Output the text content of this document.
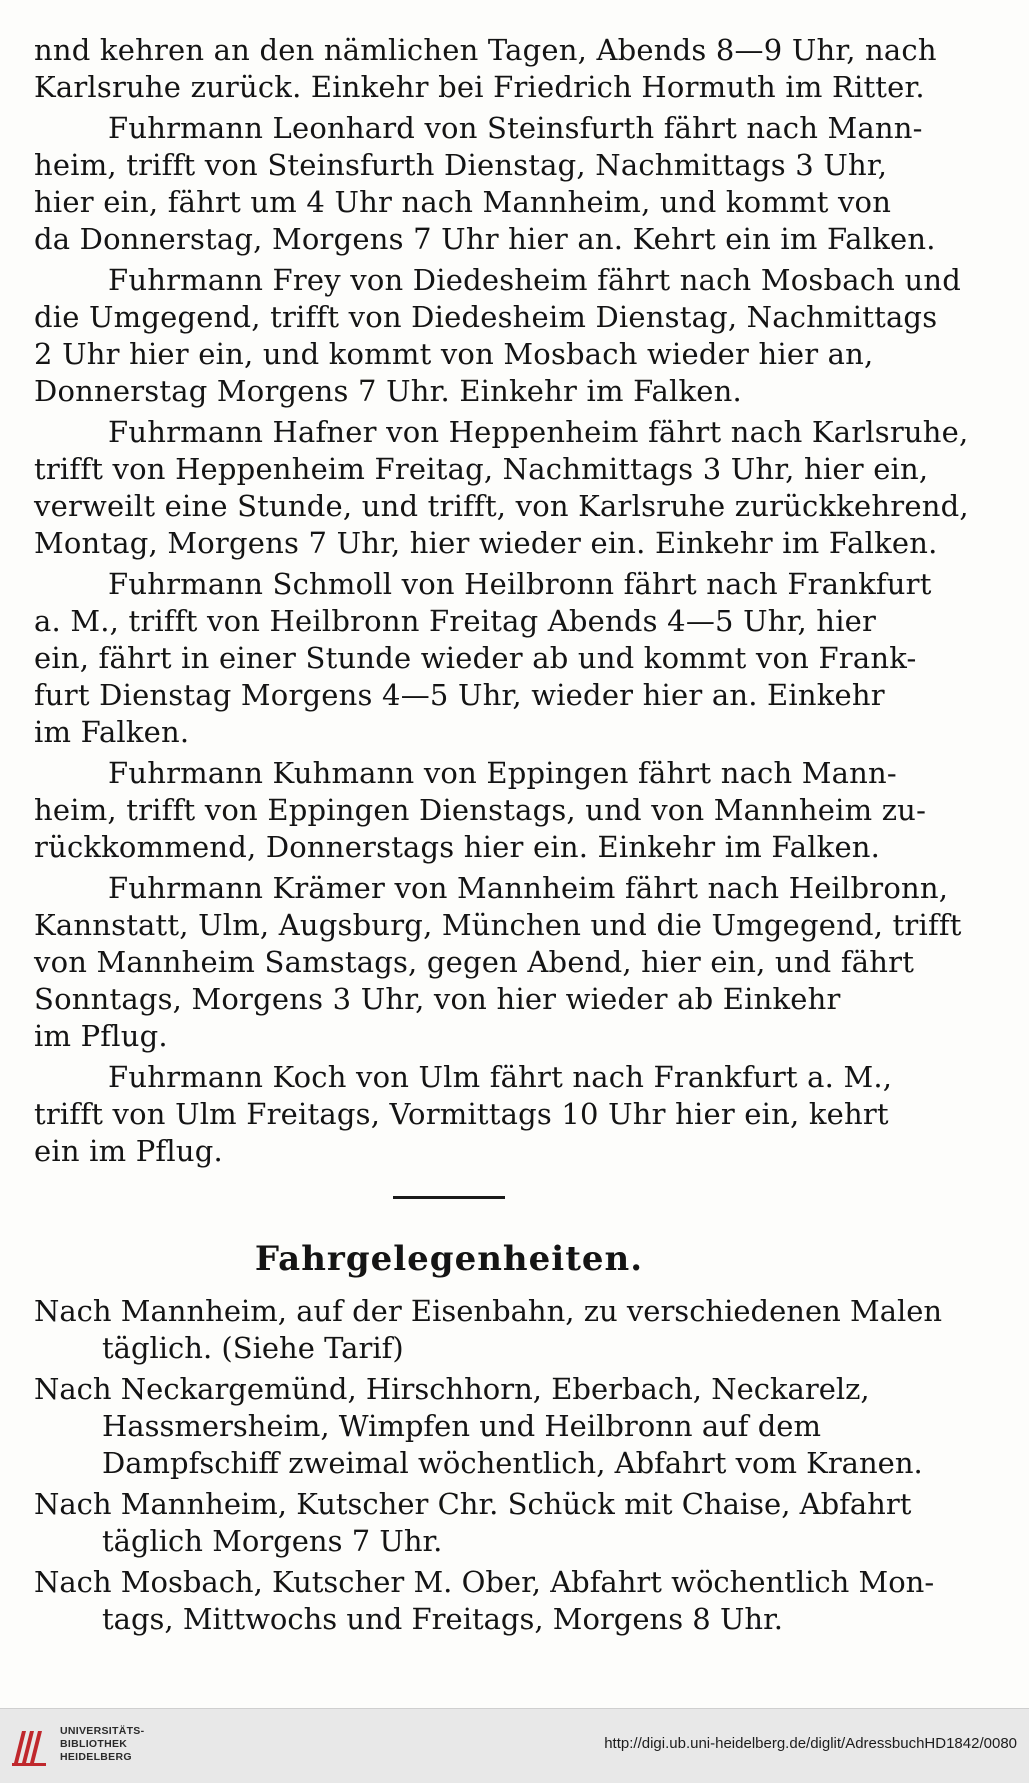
nnd kehren an den nämlichen Tagen, Abends 8—9 Uhr, nach
Karlsruhe zurück. Einkehr bei Friedrich Hormuth im Ritter.

Fuhrmann Leonhard von Steinsfurth fährt nach Mann-
heim, trifft von Steinsfurth Dienstag, Nachmittags 3 Uhr,
hier ein, fährt um 4 Uhr nach Mannheim, und kommt von
da Donnerstag, Morgens 7 Uhr hier an. Kehrt ein im Falken.

Fuhrmann Frey von Diedesheim fährt nach Mosbach und
die Umgegend, trifft von Diedesheim Dienstag, Nachmittags
2 Uhr hier ein, und kommt von Mosbach wieder hier an,
Donnerstag Morgens 7 Uhr. Einkehr im Falken.

Fuhrmann Hafner von Heppenheim fährt nach Karlsruhe,
trifft von Heppenheim Freitag, Nachmittags 3 Uhr, hier ein,
verweilt eine Stunde, und trifft, von Karlsruhe zurückkehrend,
Montag, Morgens 7 Uhr, hier wieder ein. Einkehr im Falken.

Fuhrmann Schmoll von Heilbronn fährt nach Frankfurt
a. M., trifft von Heilbronn Freitag Abends 4—5 Uhr, hier
ein, fährt in einer Stunde wieder ab und kommt von Frank-
furt Dienstag Morgens 4—5 Uhr, wieder hier an. Einkehr
im Falken.

Fuhrmann Kuhmann von Eppingen fährt nach Mann-
heim, trifft von Eppingen Dienstags, und von Mannheim zu-
rückkommend, Donnerstags hier ein. Einkehr im Falken.

Fuhrmann Krämer von Mannheim fährt nach Heilbronn,
Kannstatt, Ulm, Augsburg, München und die Umgegend, trifft
von Mannheim Samstags, gegen Abend, hier ein, und fährt
Sonntags, Morgens 3 Uhr, von hier wieder ab Einkehr
im Pflug.

Fuhrmann Koch von Ulm fährt nach Frankfurt a. M.,
trifft von Ulm Freitags, Vormittags 10 Uhr hier ein, kehrt
ein im Pflug.

Fahrgelegenheiten.

Nach Mannheim, auf der Eisenbahn, zu verschiedenen Malen
täglich. (Siehe Tarif)

Nach Neckargemünd, Hirschhorn, Eberbach, Neckarelz,
Hassmersheim, Wimpfen und Heilbronn auf dem
Dampfschiff zweimal wöchentlich, Abfahrt vom Kranen.

Nach Mannheim, Kutscher Chr. Schück mit Chaise, Abfahrt
täglich Morgens 7 Uhr.

Nach Mosbach, Kutscher M. Ober, Abfahrt wöchentlich Mon-
tags, Mittwochs und Freitags, Morgens 8 Uhr.

UNIVERSITÄTS-
BIBLIOTHEK
HEIDELBERG
http://digi.ub.uni-heidelberg.de/diglit/AdressbuchHD1842/0080
